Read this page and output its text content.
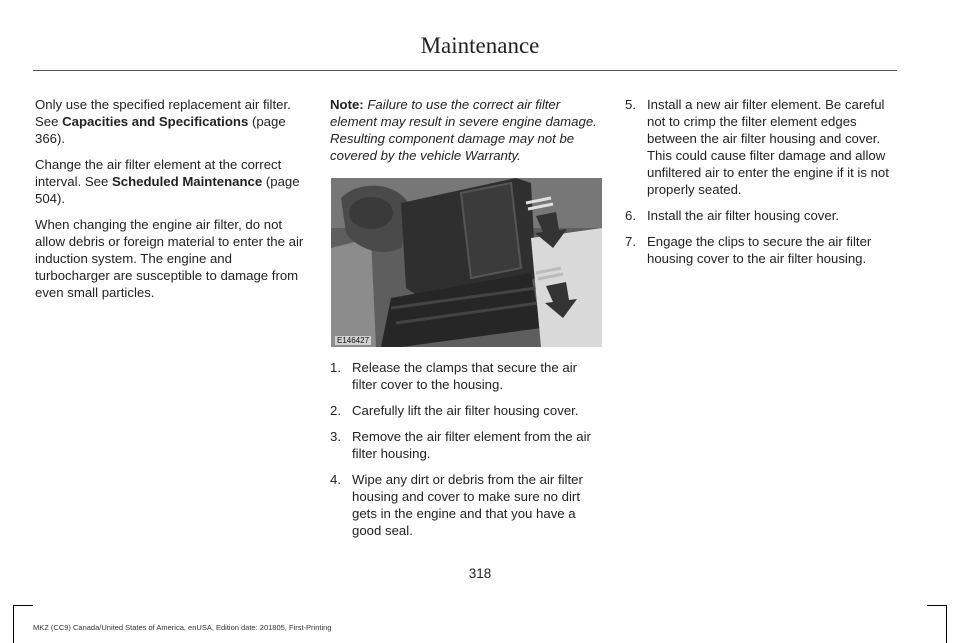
Maintenance

Only use the specified replacement air filter. See Capacities and Specifications (page 366).

Change the air filter element at the correct interval. See Scheduled Maintenance (page 504).

When changing the engine air filter, do not allow debris or foreign material to enter the air induction system. The engine and turbocharger are susceptible to damage from even small particles.

Note: Failure to use the correct air filter element may result in severe engine damage. Resulting component damage may not be covered by the vehicle Warranty.

E146427
1. Release the clamps that secure the air filter cover to the housing.
2. Carefully lift the air filter housing cover.
3. Remove the air filter element from the air filter housing.
4. Wipe any dirt or debris from the air filter housing and cover to make sure no dirt gets in the engine and that you have a good seal.
5. Install a new air filter element. Be careful not to crimp the filter element edges between the air filter housing and cover. This could cause filter damage and allow unfiltered air to enter the engine if it is not properly seated.
6. Install the air filter housing cover.
7. Engage the clips to secure the air filter housing cover to the air filter housing.
318
MKZ (CC9) Canada/United States of America, enUSA, Edition date: 201805, First-Printing
